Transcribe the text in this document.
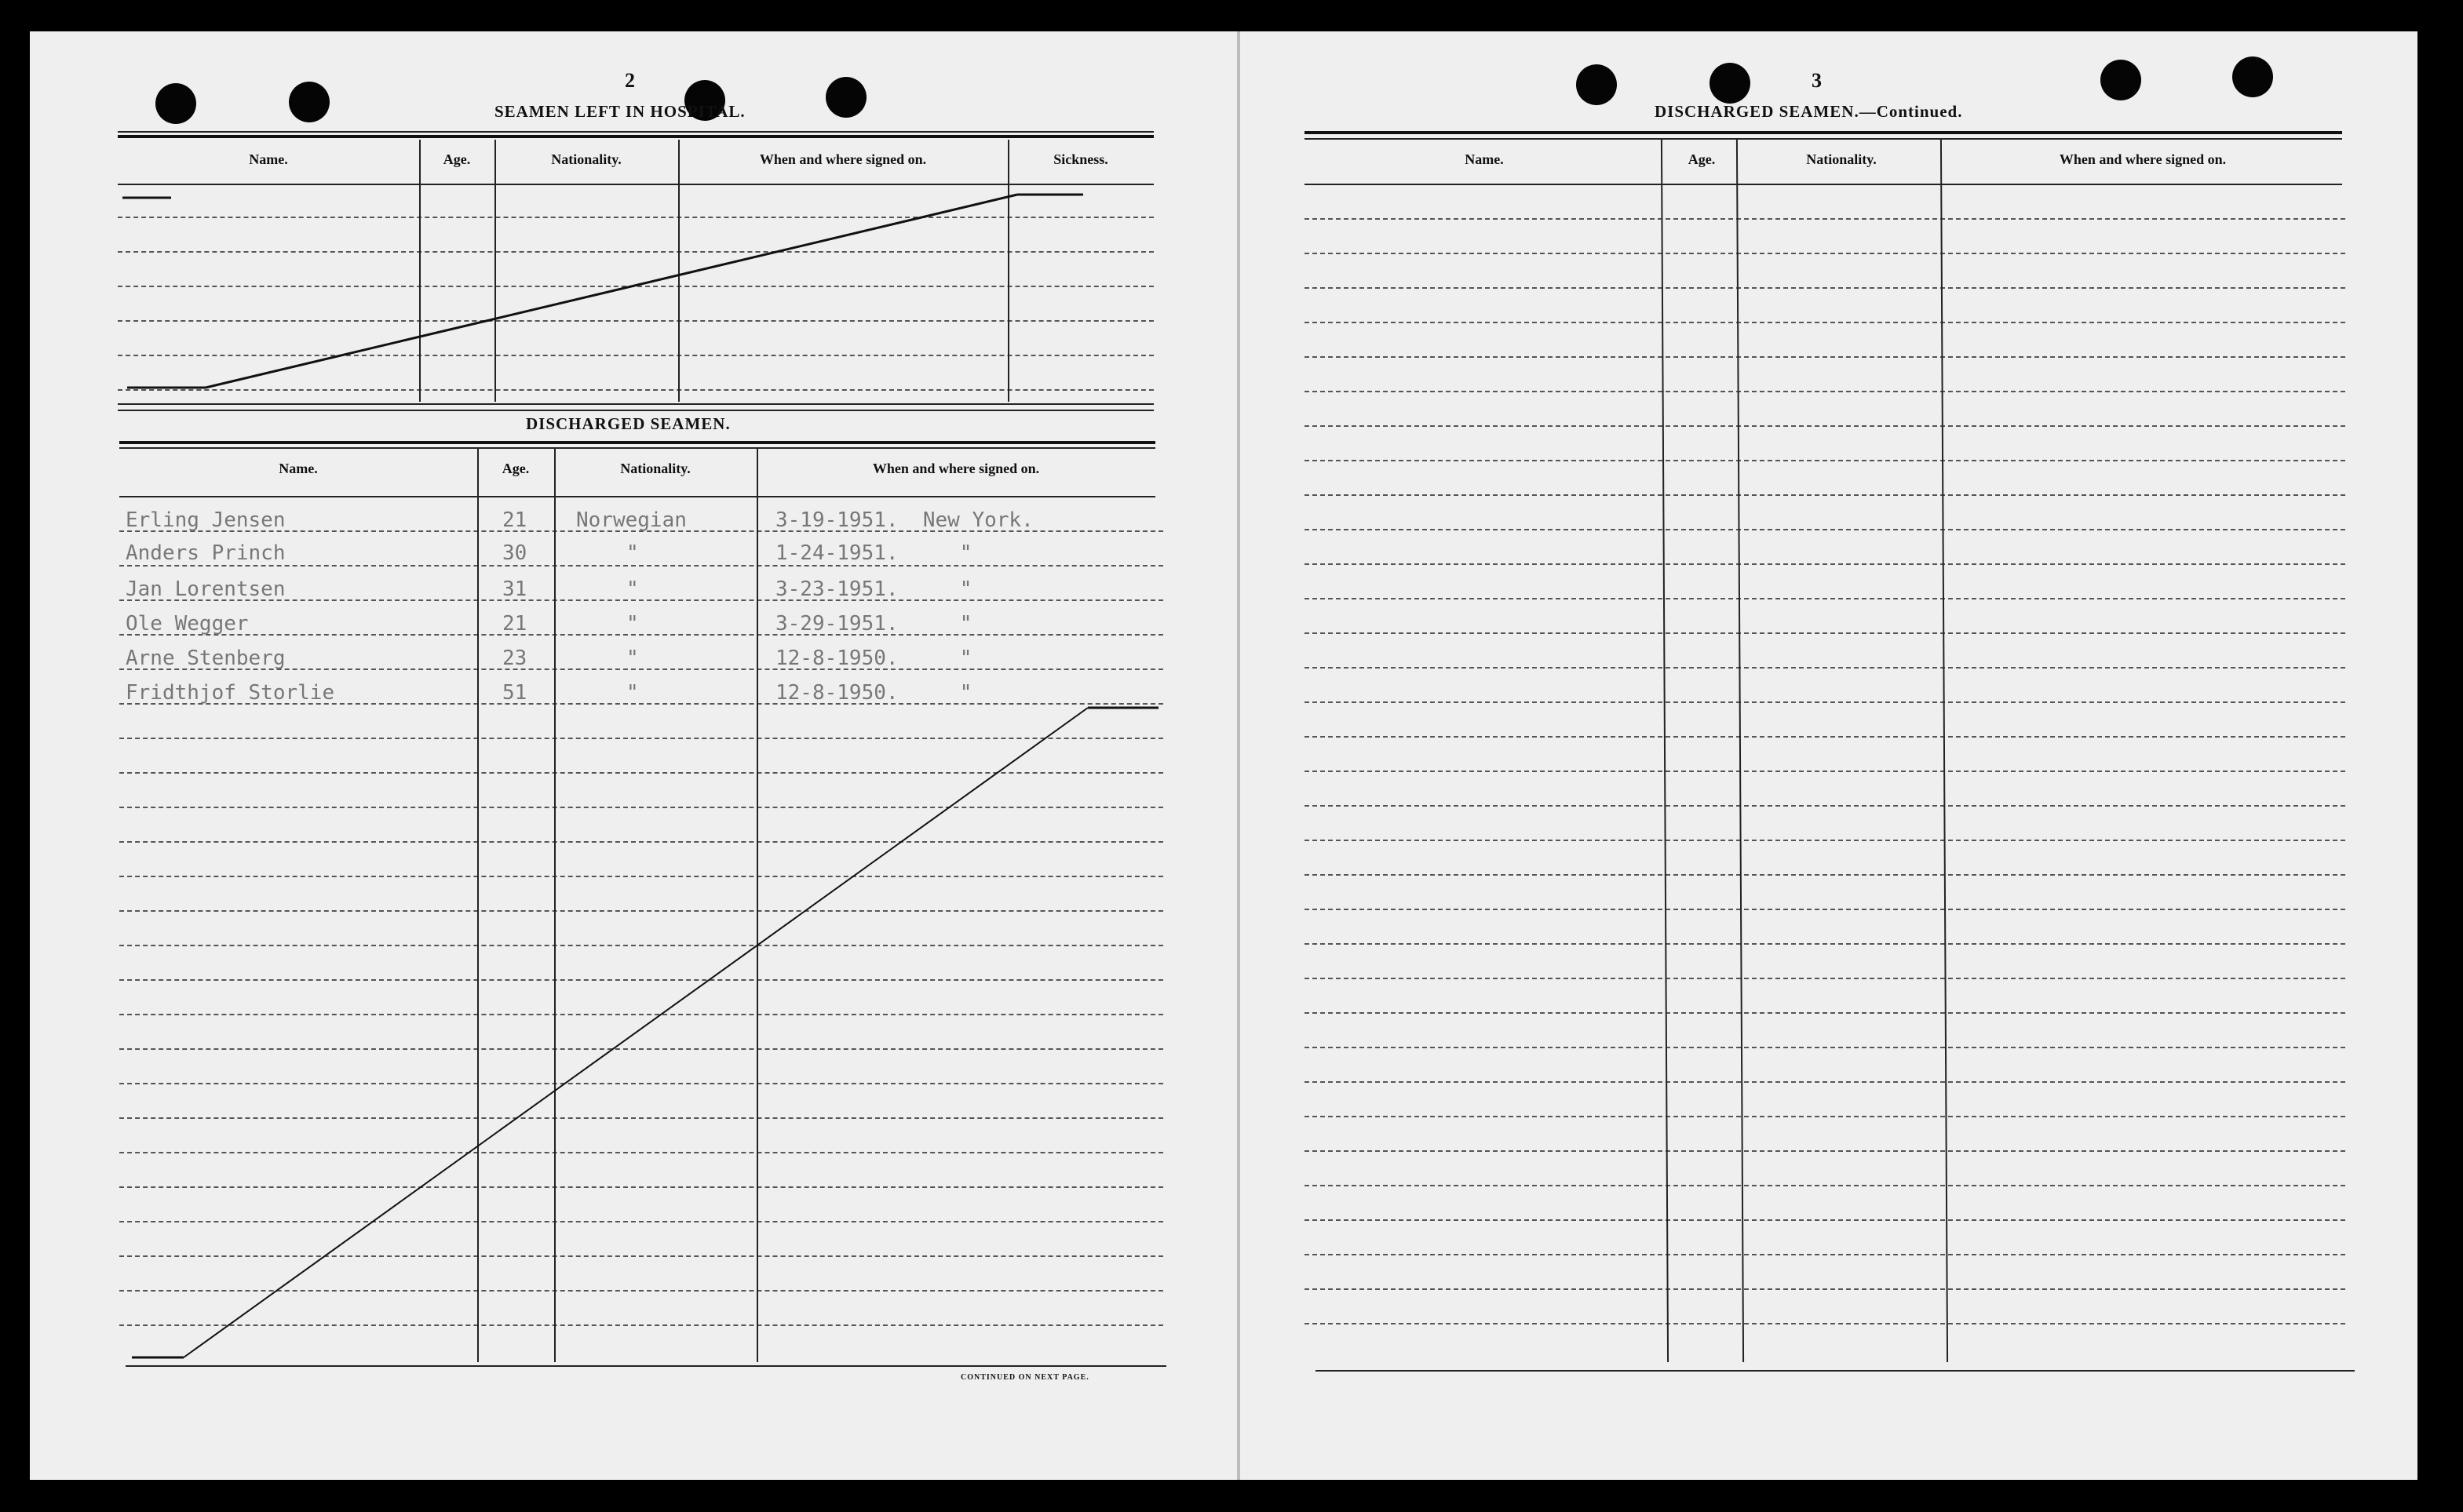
2
SEAMEN LEFT IN HOSPITAL.
Name.	Age.	Nationality.	When and where signed on.	Sickness.
DISCHARGED SEAMEN.
Name.	Age.	Nationality.	When and where signed on.
CONTINUED ON NEXT PAGE.
Erling Jensen	21 Norwegian	3-19-1951.  New York.
Anders Princh	30	"	1-24-1951.     "
Jan Lorentsen	31	"	3-23-1951.     "
Ole Wegger	21	"	3-29-1951.     "
Arne Stenberg	23	"	12-8-1950.     "
Fridthjof Storlie	51	"	12-8-1950.     "
3
DISCHARGED SEAMEN.—Continued.
Name.	Age.	Nationality.	When and where signed on.
